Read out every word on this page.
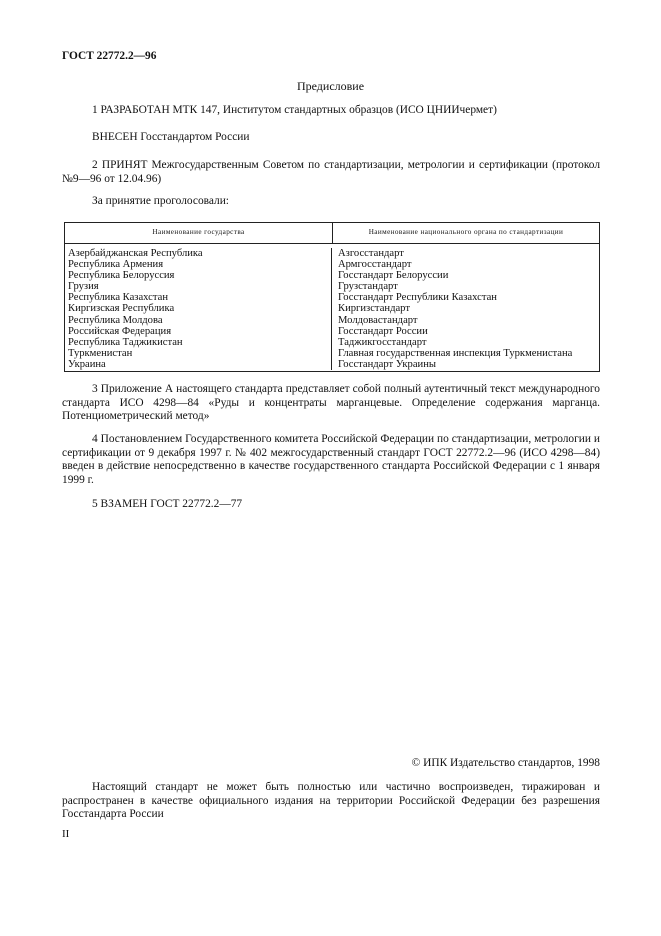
ГОСТ 22772.2—96
Предисловие
1 РАЗРАБОТАН МТК 147, Институтом стандартных образцов (ИСО ЦНИИчермет)
ВНЕСЕН Госстандартом России
2 ПРИНЯТ Межгосударственным Советом по стандартизации, метрологии и сертификации (протокол №9—96 от 12.04.96)
За принятие проголосовали:
Наименование государства	Наименование национального органа по стандартизации
Азербайджанская Республика
Республика Армения
Республика Белоруссия
Грузия
Республика Казахстан
Киргизская Республика
Республика Молдова
Российская Федерация
Республика Таджикистан
Туркменистан
Украина
Азгосстандарт
Армгосстандарт
Госстандарт Белоруссии
Грузстандарт
Госстандарт Республики Казахстан
Киргизстандарт
Молдовастандарт
Госстандарт России
Таджикгосстандарт
Главная государственная инспекция Туркменистана
Госстандарт Украины
3 Приложение А настоящего стандарта представляет собой полный аутентичный текст международного стандарта ИСО 4298—84 «Руды и концентраты марганцевые. Определение содержания марганца. Потенциометрический метод»
4 Постановлением Государственного комитета Российской Федерации по стандартизации, метрологии и сертификации от 9 декабря 1997 г. № 402 межгосударственный стандарт ГОСТ 22772.2—96 (ИСО 4298—84) введен в действие непосредственно в качестве государственного стандарта Российской Федерации с 1 января 1999 г.
5 ВЗАМЕН ГОСТ 22772.2—77
© ИПК Издательство стандартов, 1998
Настоящий стандарт не может быть полностью или частично воспроизведен, тиражирован и распространен в качестве официального издания на территории Российской Федерации без разрешения Госстандарта России
II
